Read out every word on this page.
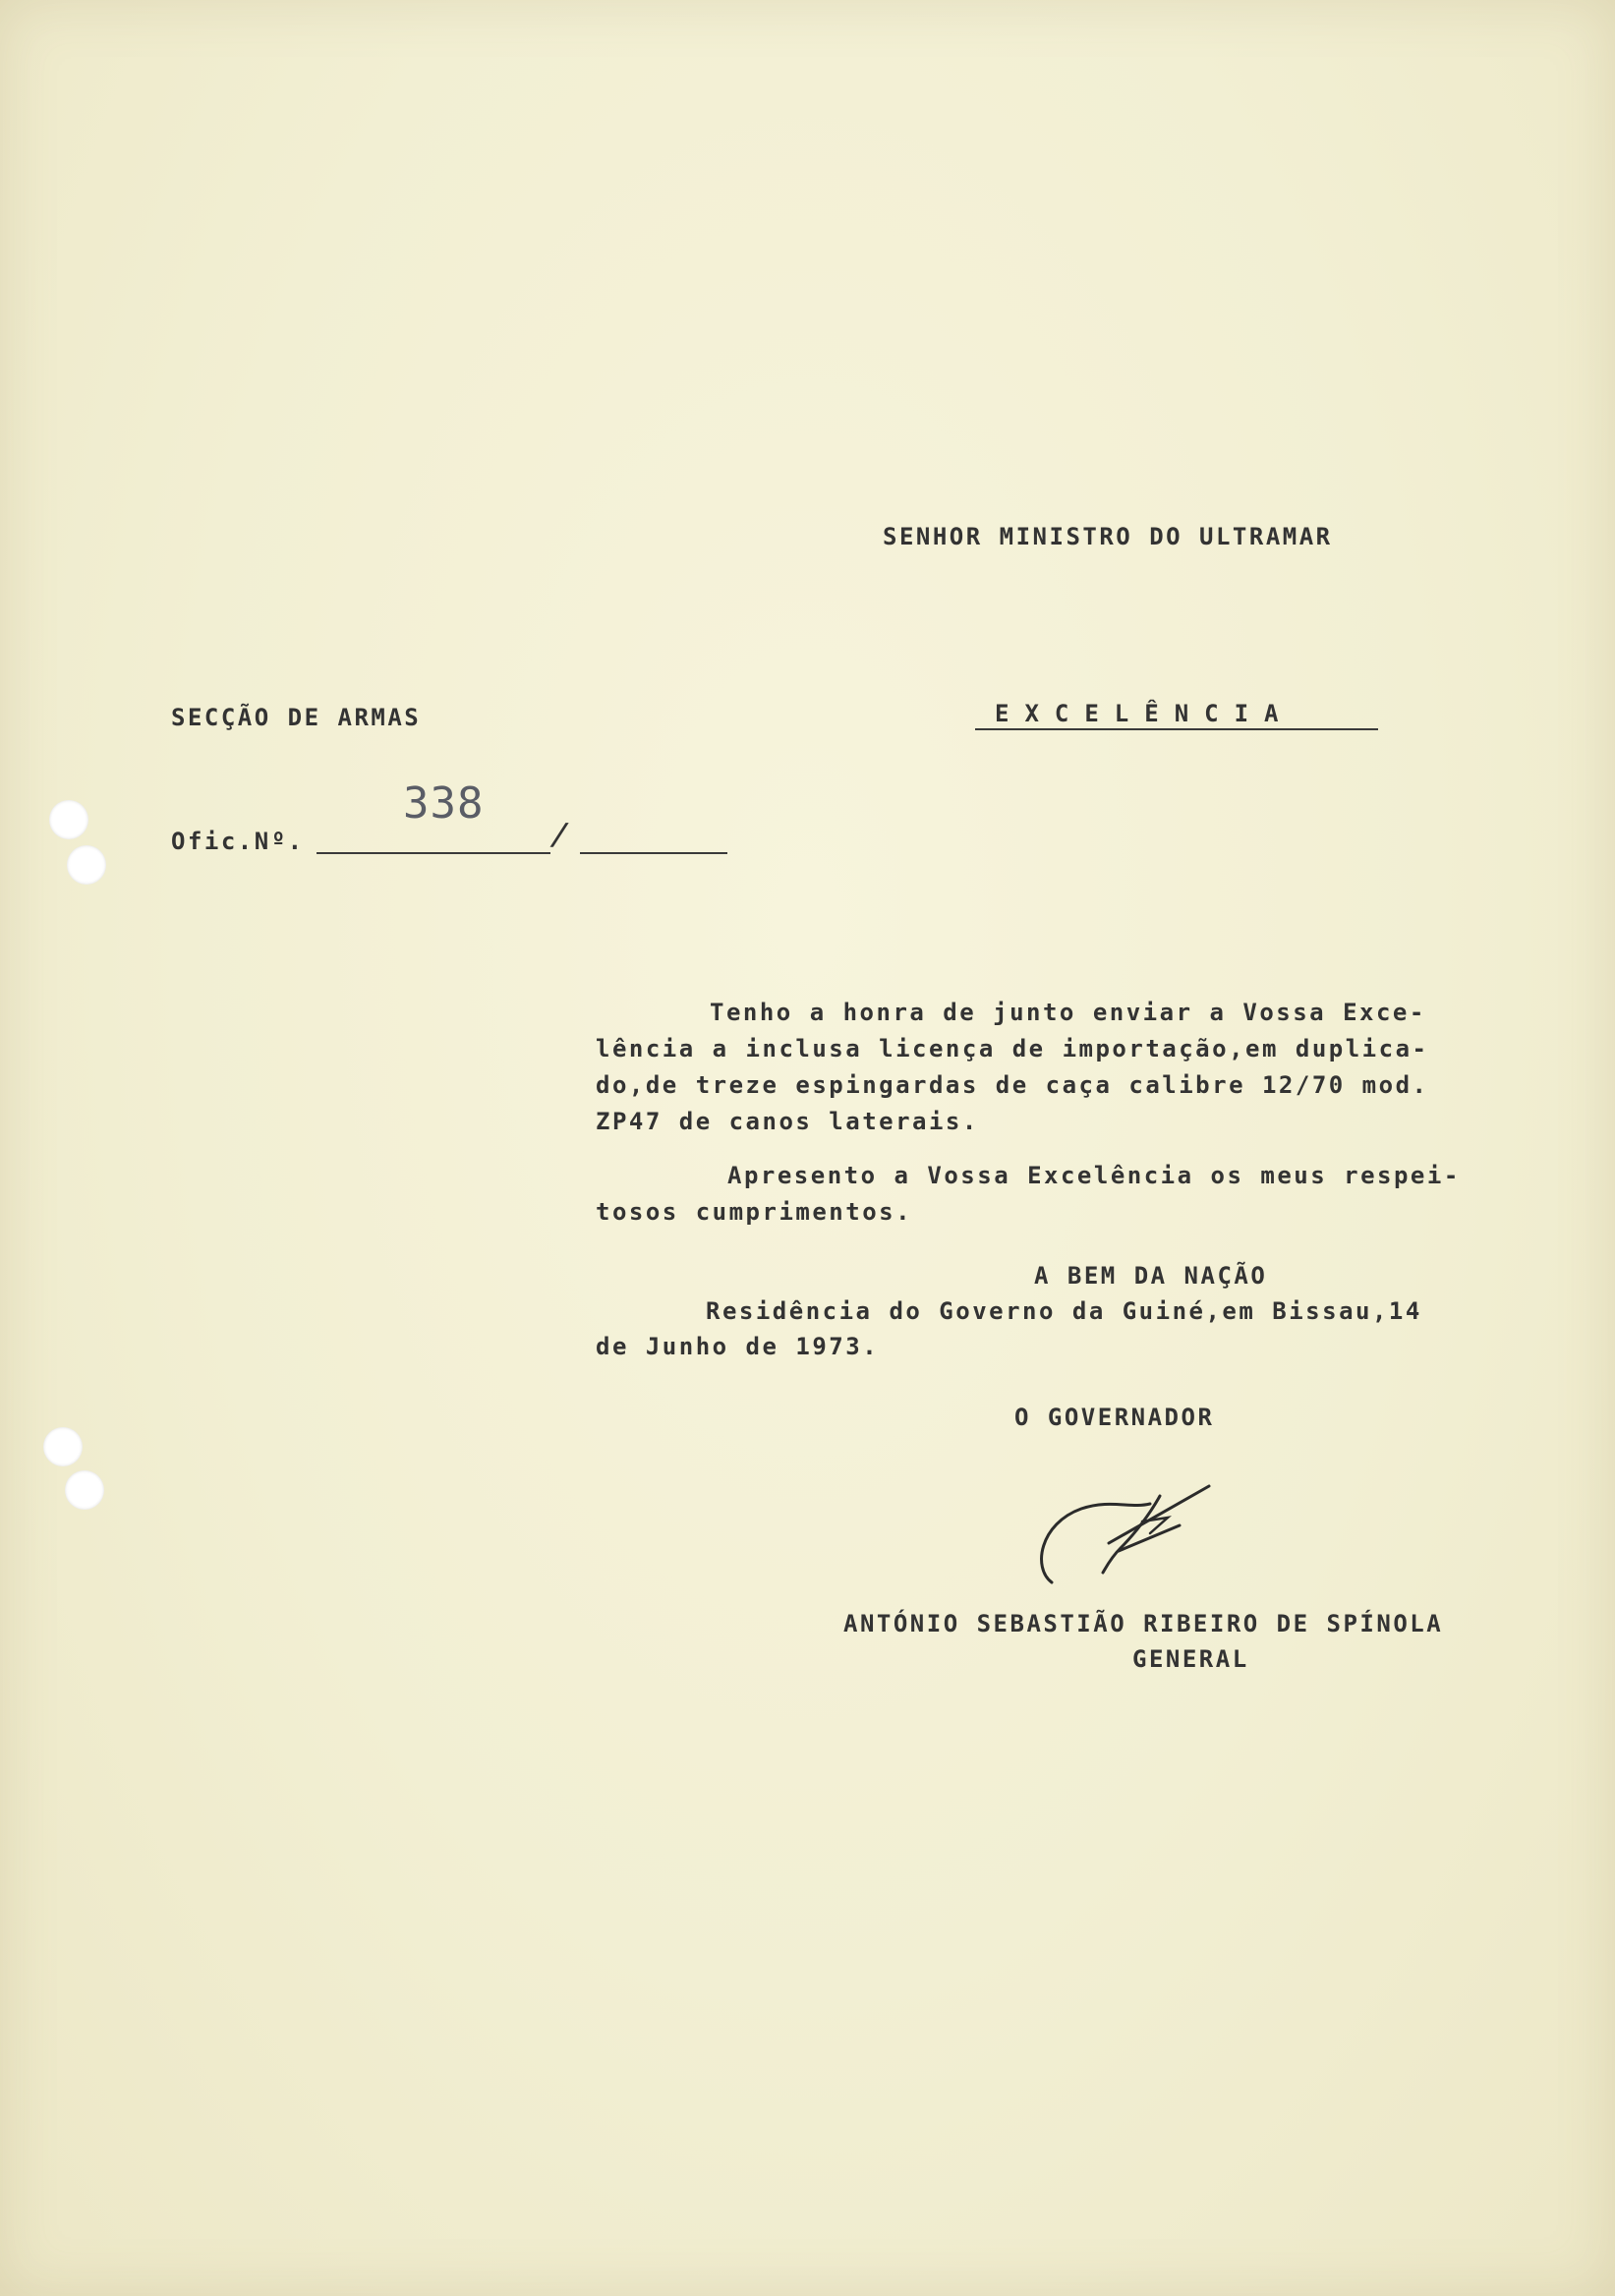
SENHOR MINISTRO DO ULTRAMAR
SECÇÃO DE ARMAS	EXCELÊNCIA
Ofic.Nº.
338
/
Tenho a honra de junto enviar a Vossa Exce-
lência a inclusa licença de importação,em duplica-
do,de treze espingardas de caça calibre 12/70 mod.
ZP47 de canos laterais.
Apresento a Vossa Excelência os meus respei-
tosos cumprimentos.
A BEM DA NAÇÃO
Residência do Governo da Guiné,em Bissau,14
de Junho de 1973.
O GOVERNADOR
ANTÓNIO SEBASTIÃO RIBEIRO DE SPÍNOLA
GENERAL
